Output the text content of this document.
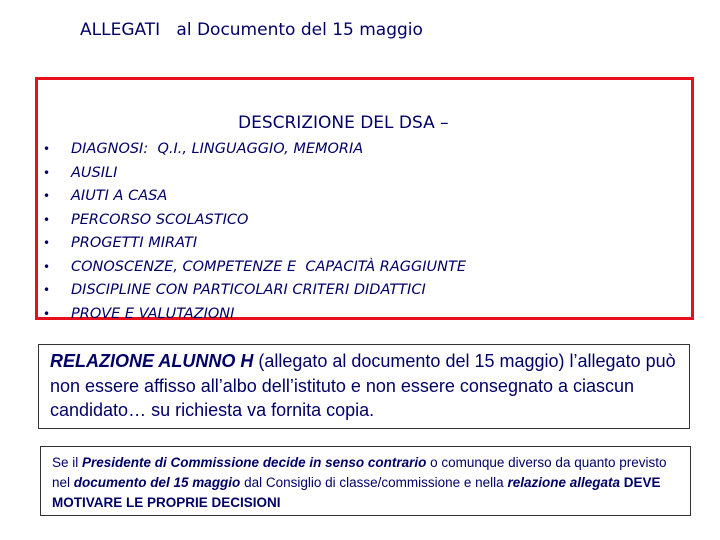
ALLEGATI   al Documento del 15 maggio
DESCRIZIONE DEL DSA –
• DIAGNOSI:  Q.I., LINGUAGGIO, MEMORIA
• AUSILI
• AIUTI A CASA
• PERCORSO SCOLASTICO
• PROGETTI MIRATI
• CONOSCENZE, COMPETENZE E  CAPACITÀ RAGGIUNTE
• DISCIPLINE CON PARTICOLARI CRITERI DIDATTICI
• PROVE E VALUTAZIONI
RELAZIONE ALUNNO H (allegato al documento del 15 maggio) l’allegato può non essere affisso all’albo dell’istituto e non essere consegnato a ciascun candidato… su richiesta va fornita copia.
Se il Presidente di Commissione decide in senso contrario o comunque diverso da quanto previsto nel documento del 15 maggio dal Consiglio di classe/commissione e nella relazione allegata DEVE MOTIVARE LE PROPRIE DECISIONI
